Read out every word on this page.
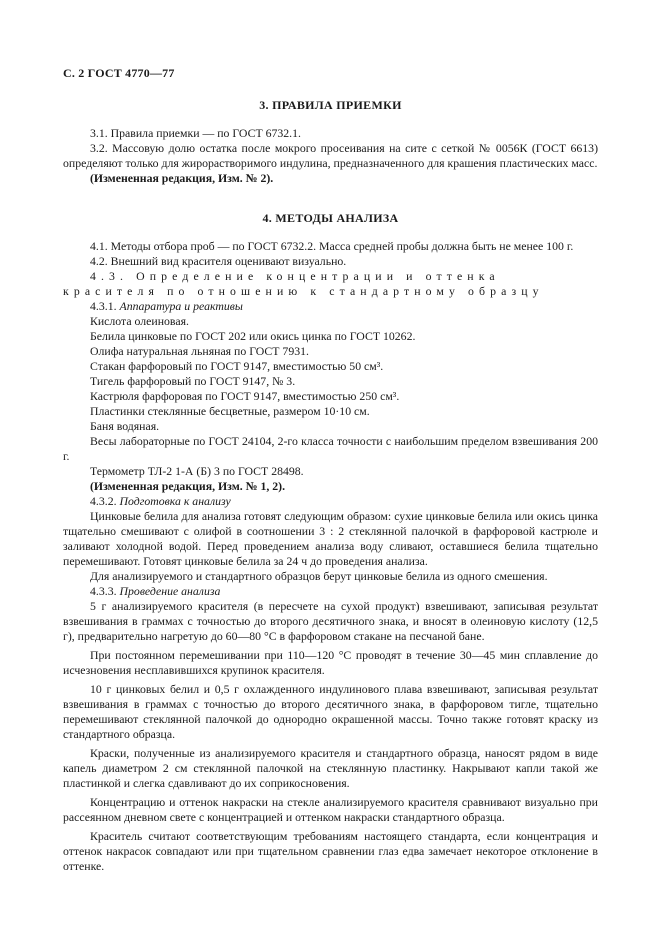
С. 2 ГОСТ 4770—77

3. ПРАВИЛА ПРИЕМКИ

3.1. Правила приемки — по ГОСТ 6732.1.

3.2. Массовую долю остатка после мокрого просеивания на сите с сеткой № 0056К (ГОСТ 6613) определяют только для жирорастворимого индулина, предназначенного для крашения пластических масс.

(Измененная редакция, Изм. № 2).

4. МЕТОДЫ АНАЛИЗА

4.1. Методы отбора проб — по ГОСТ 6732.2. Масса средней пробы должна быть не менее 100 г.

4.2. Внешний вид красителя оценивают визуально.

4.3. Определение концентрации и оттенка красителя по отношению к стандартному образцу

4.3.1. Аппаратура и реактивы

Кислота олеиновая.

Белила цинковые по ГОСТ 202 или окись цинка по ГОСТ 10262.

Олифа натуральная льняная по ГОСТ 7931.

Стакан фарфоровый по ГОСТ 9147, вместимостью 50 см³.

Тигель фарфоровый по ГОСТ 9147, № 3.

Кастрюля фарфоровая по ГОСТ 9147, вместимостью 250 см³.

Пластинки стеклянные бесцветные, размером 10·10 см.

Баня водяная.

Весы лабораторные по ГОСТ 24104, 2-го класса точности с наибольшим пределом взвешивания 200 г.

Термометр ТЛ-2 1-А (Б) 3 по ГОСТ 28498.

(Измененная редакция, Изм. № 1, 2).

4.3.2. Подготовка к анализу

Цинковые белила для анализа готовят следующим образом: сухие цинковые белила или окись цинка тщательно смешивают с олифой в соотношении 3 : 2 стеклянной палочкой в фарфоровой кастрюле и заливают холодной водой. Перед проведением анализа воду сливают, оставшиеся белила тщательно перемешивают. Готовят цинковые белила за 24 ч до проведения анализа.

Для анализируемого и стандартного образцов берут цинковые белила из одного смешения.

4.3.3. Проведение анализа

5 г анализируемого красителя (в пересчете на сухой продукт) взвешивают, записывая результат взвешивания в граммах с точностью до второго десятичного знака, и вносят в олеиновую кислоту (12,5 г), предварительно нагретую до 60—80 °С в фарфоровом стакане на песчаной бане.

При постоянном перемешивании при 110—120 °С проводят в течение 30—45 мин сплавление до исчезновения несплавившихся крупинок красителя.

10 г цинковых белил и 0,5 г охлажденного индулинового плава взвешивают, записывая результат взвешивания в граммах с точностью до второго десятичного знака, в фарфоровом тигле, тщательно перемешивают стеклянной палочкой до однородно окрашенной массы. Точно также готовят краску из стандартного образца.

Краски, полученные из анализируемого красителя и стандартного образца, наносят рядом в виде капель диаметром 2 см стеклянной палочкой на стеклянную пластинку. Накрывают капли такой же пластинкой и слегка сдавливают до их соприкосновения.

Концентрацию и оттенок накраски на стекле анализируемого красителя сравнивают визуально при рассеянном дневном свете с концентрацией и оттенком накраски стандартного образца.

Краситель считают соответствующим требованиям настоящего стандарта, если концентрация и оттенок накрасок совпадают или при тщательном сравнении глаз едва замечает некоторое отклонение в оттенке.
